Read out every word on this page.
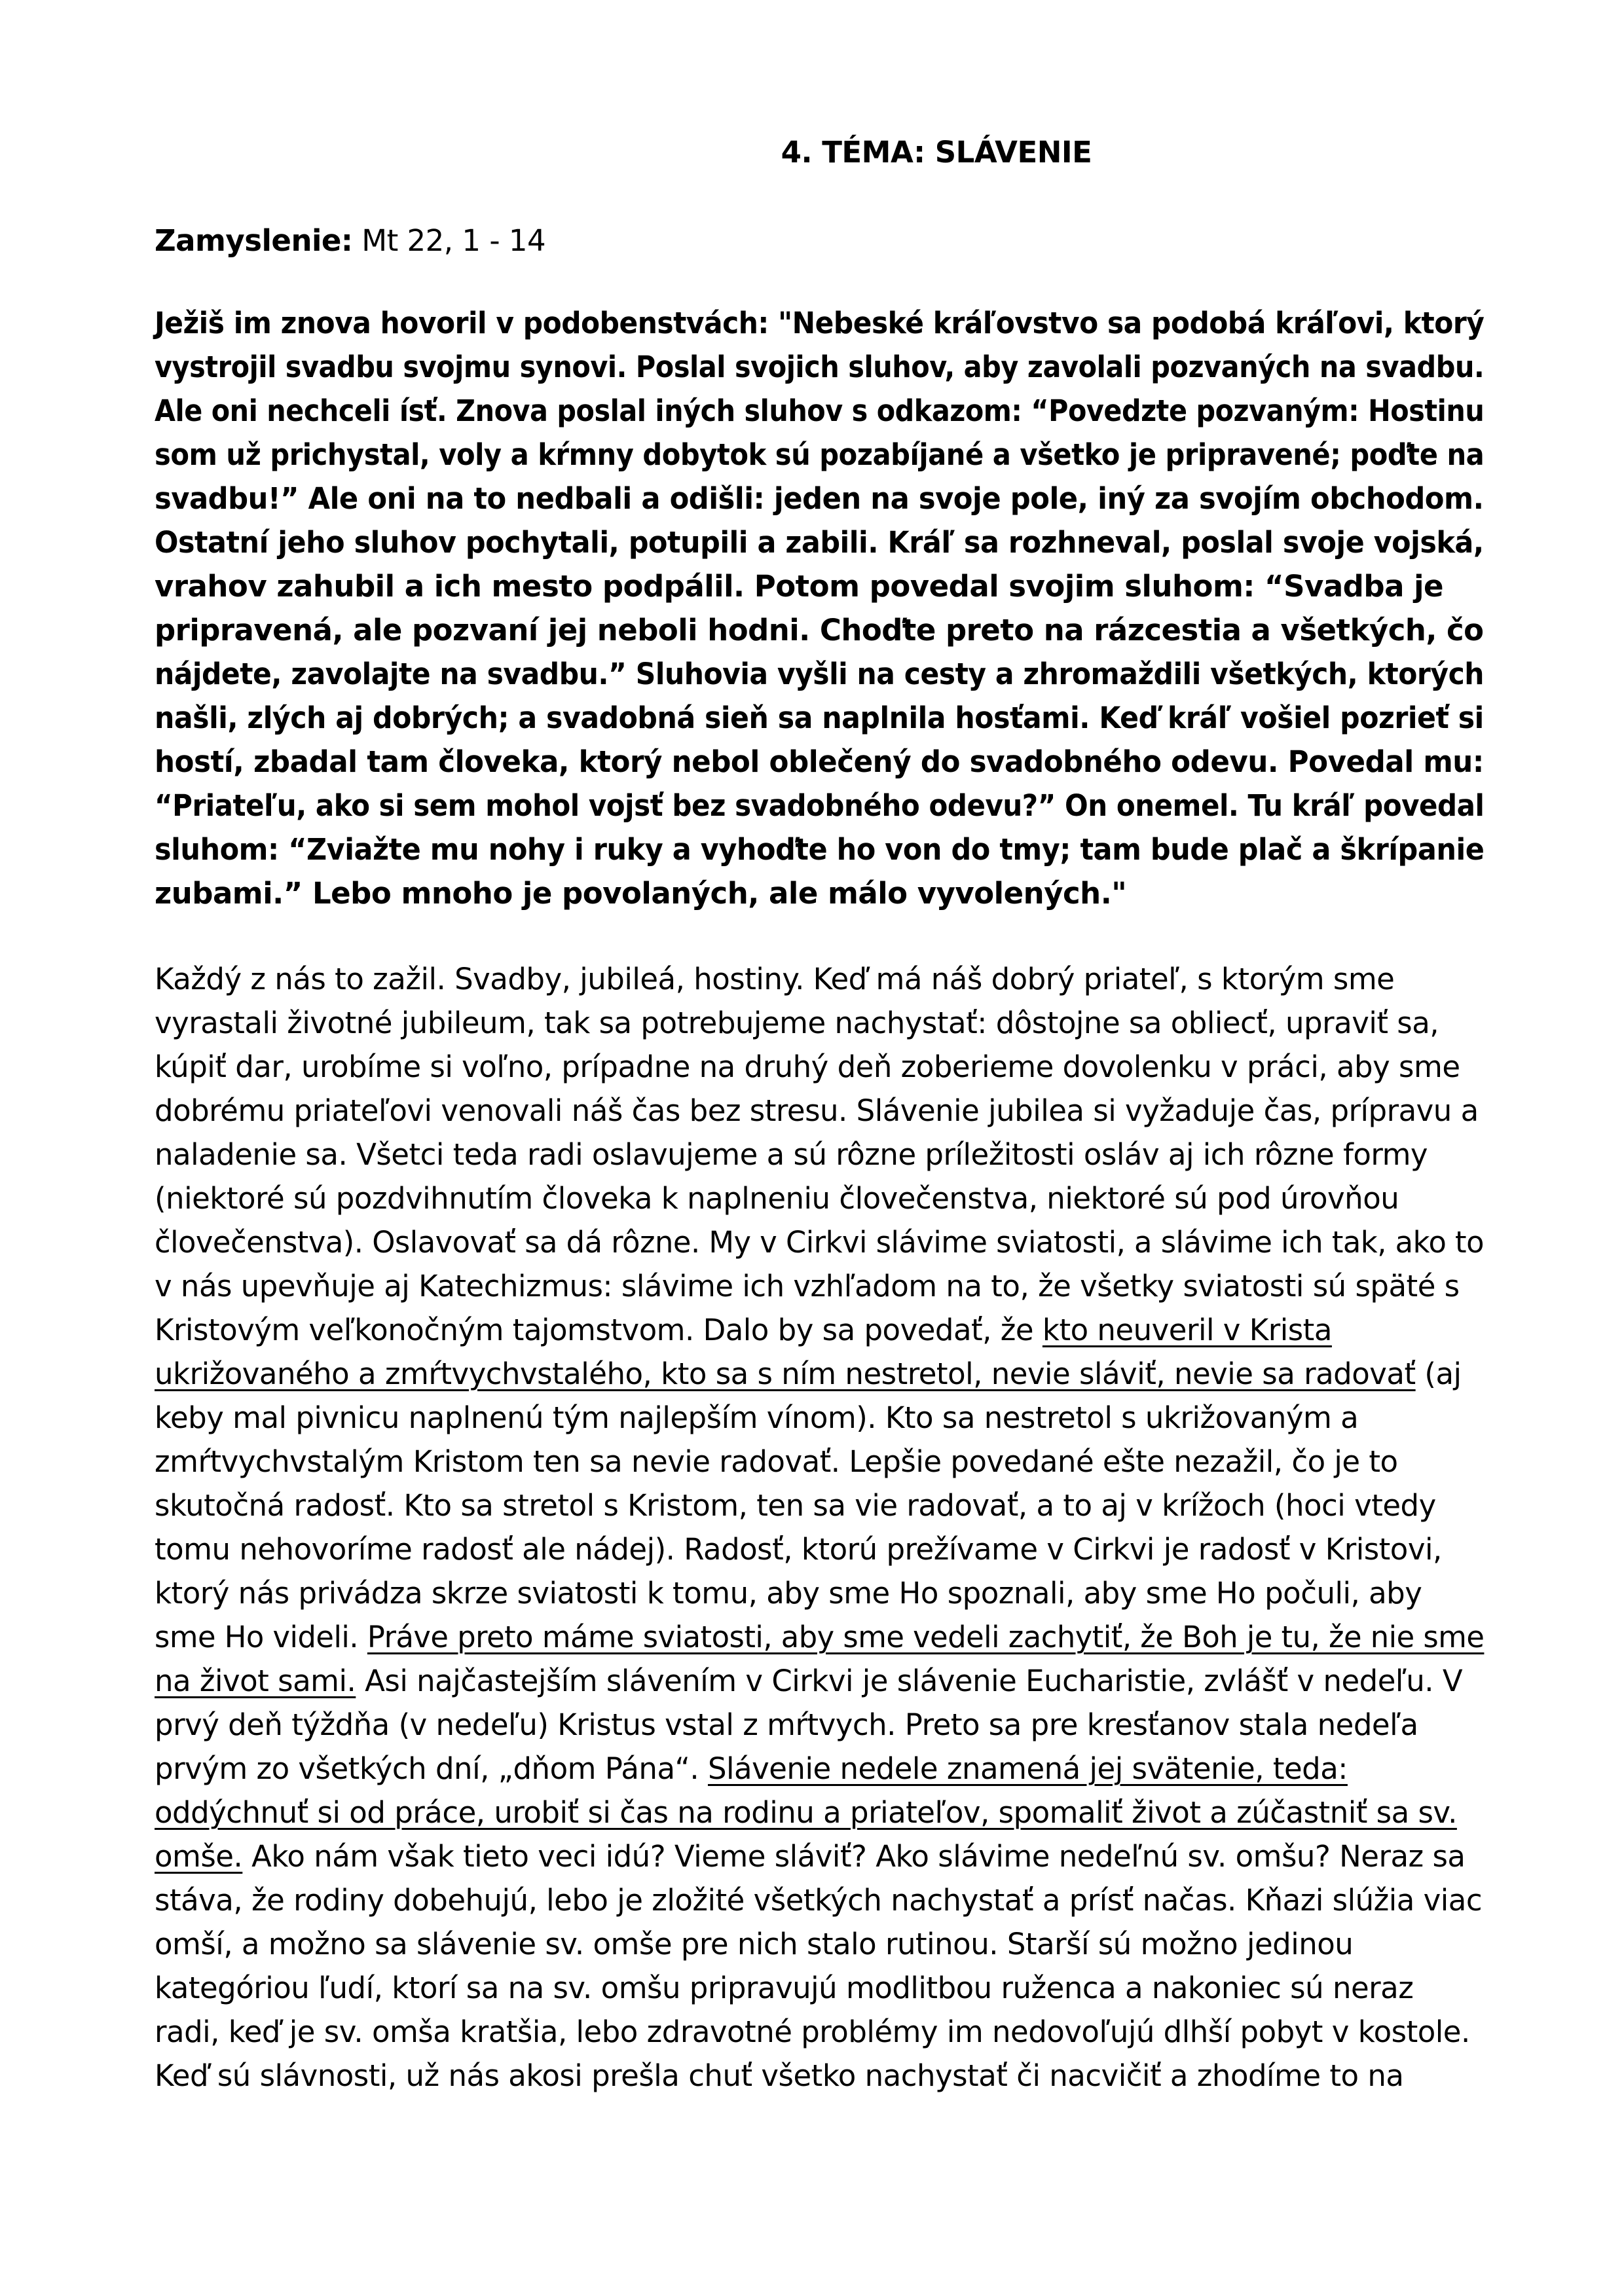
4. TÉMA: SLÁVENIE
Zamyslenie: Mt 22, 1 - 14
Ježiš im znova hovoril v podobenstvách: "Nebeské kráľovstvo sa podobá kráľovi, ktorý
vystrojil svadbu svojmu synovi. Poslal svojich sluhov, aby zavolali pozvaných na svadbu.
Ale oni nechceli ísť. Znova poslal iných sluhov s odkazom: “Povedzte pozvaným: Hostinu
som už prichystal, voly a kŕmny dobytok sú pozabíjané a všetko je pripravené; poďte na
svadbu!” Ale oni na to nedbali a odišli: jeden na svoje pole, iný za svojím obchodom.
Ostatní jeho sluhov pochytali, potupili a zabili. Kráľ sa rozhneval, poslal svoje vojská,
vrahov zahubil a ich mesto podpálil. Potom povedal svojim sluhom: “Svadba je
pripravená, ale pozvaní jej neboli hodni. Choďte preto na rázcestia a všetkých, čo
nájdete, zavolajte na svadbu.” Sluhovia vyšli na cesty a zhromaždili všetkých, ktorých
našli, zlých aj dobrých; a svadobná sieň sa naplnila hosťami. Keď kráľ vošiel pozrieť si
hostí, zbadal tam človeka, ktorý nebol oblečený do svadobného odevu. Povedal mu:
“Priateľu, ako si sem mohol vojsť bez svadobného odevu?” On onemel. Tu kráľ povedal
sluhom: “Zviažte mu nohy i ruky a vyhoďte ho von do tmy; tam bude plač a škrípanie
zubami.” Lebo mnoho je povolaných, ale málo vyvolených."
Každý z nás to zažil. Svadby, jubileá, hostiny. Keď má náš dobrý priateľ, s ktorým sme
vyrastali životné jubileum, tak sa potrebujeme nachystať: dôstojne sa obliecť, upraviť sa,
kúpiť dar, urobíme si voľno, prípadne na druhý deň zoberieme dovolenku v práci, aby sme
dobrému priateľovi venovali náš čas bez stresu. Slávenie jubilea si vyžaduje čas, prípravu a
naladenie sa. Všetci teda radi oslavujeme a sú rôzne príležitosti osláv aj ich rôzne formy
(niektoré sú pozdvihnutím človeka k naplneniu človečenstva, niektoré sú pod úrovňou
človečenstva). Oslavovať sa dá rôzne. My v Cirkvi slávime sviatosti, a slávime ich tak, ako to
v nás upevňuje aj Katechizmus: slávime ich vzhľadom na to, že všetky sviatosti sú späté s
Kristovým veľkonočným tajomstvom. Dalo by sa povedať, že kto neuveril v Krista
ukrižovaného a zmŕtvychvstalého, kto sa s ním nestretol, nevie sláviť, nevie sa radovať (aj
keby mal pivnicu naplnenú tým najlepším vínom). Kto sa nestretol s ukrižovaným a
zmŕtvychvstalým Kristom ten sa nevie radovať. Lepšie povedané ešte nezažil, čo je to
skutočná radosť. Kto sa stretol s Kristom, ten sa vie radovať, a to aj v krížoch (hoci vtedy
tomu nehovoríme radosť ale nádej). Radosť, ktorú prežívame v Cirkvi je radosť v Kristovi,
ktorý nás privádza skrze sviatosti k tomu, aby sme Ho spoznali, aby sme Ho počuli, aby
sme Ho videli. Práve preto máme sviatosti, aby sme vedeli zachytiť, že Boh je tu, že nie sme
na život sami. Asi najčastejším slávením v Cirkvi je slávenie Eucharistie, zvlášť v nedeľu. V
prvý deň týždňa (v nedeľu) Kristus vstal z mŕtvych. Preto sa pre kresťanov stala nedeľa
prvým zo všetkých dní, „dňom Pána“. Slávenie nedele znamená jej svätenie, teda:
oddýchnuť si od práce, urobiť si čas na rodinu a priateľov, spomaliť život a zúčastniť sa sv.
omše. Ako nám však tieto veci idú? Vieme sláviť? Ako slávime nedeľnú sv. omšu? Neraz sa
stáva, že rodiny dobehujú, lebo je zložité všetkých nachystať a prísť načas. Kňazi slúžia viac
omší, a možno sa slávenie sv. omše pre nich stalo rutinou. Starší sú možno jedinou
kategóriou ľudí, ktorí sa na sv. omšu pripravujú modlitbou ruženca a nakoniec sú neraz
radi, keď je sv. omša kratšia, lebo zdravotné problémy im nedovoľujú dlhší pobyt v kostole.
Keď sú slávnosti, už nás akosi prešla chuť všetko nachystať či nacvičiť a zhodíme to na
